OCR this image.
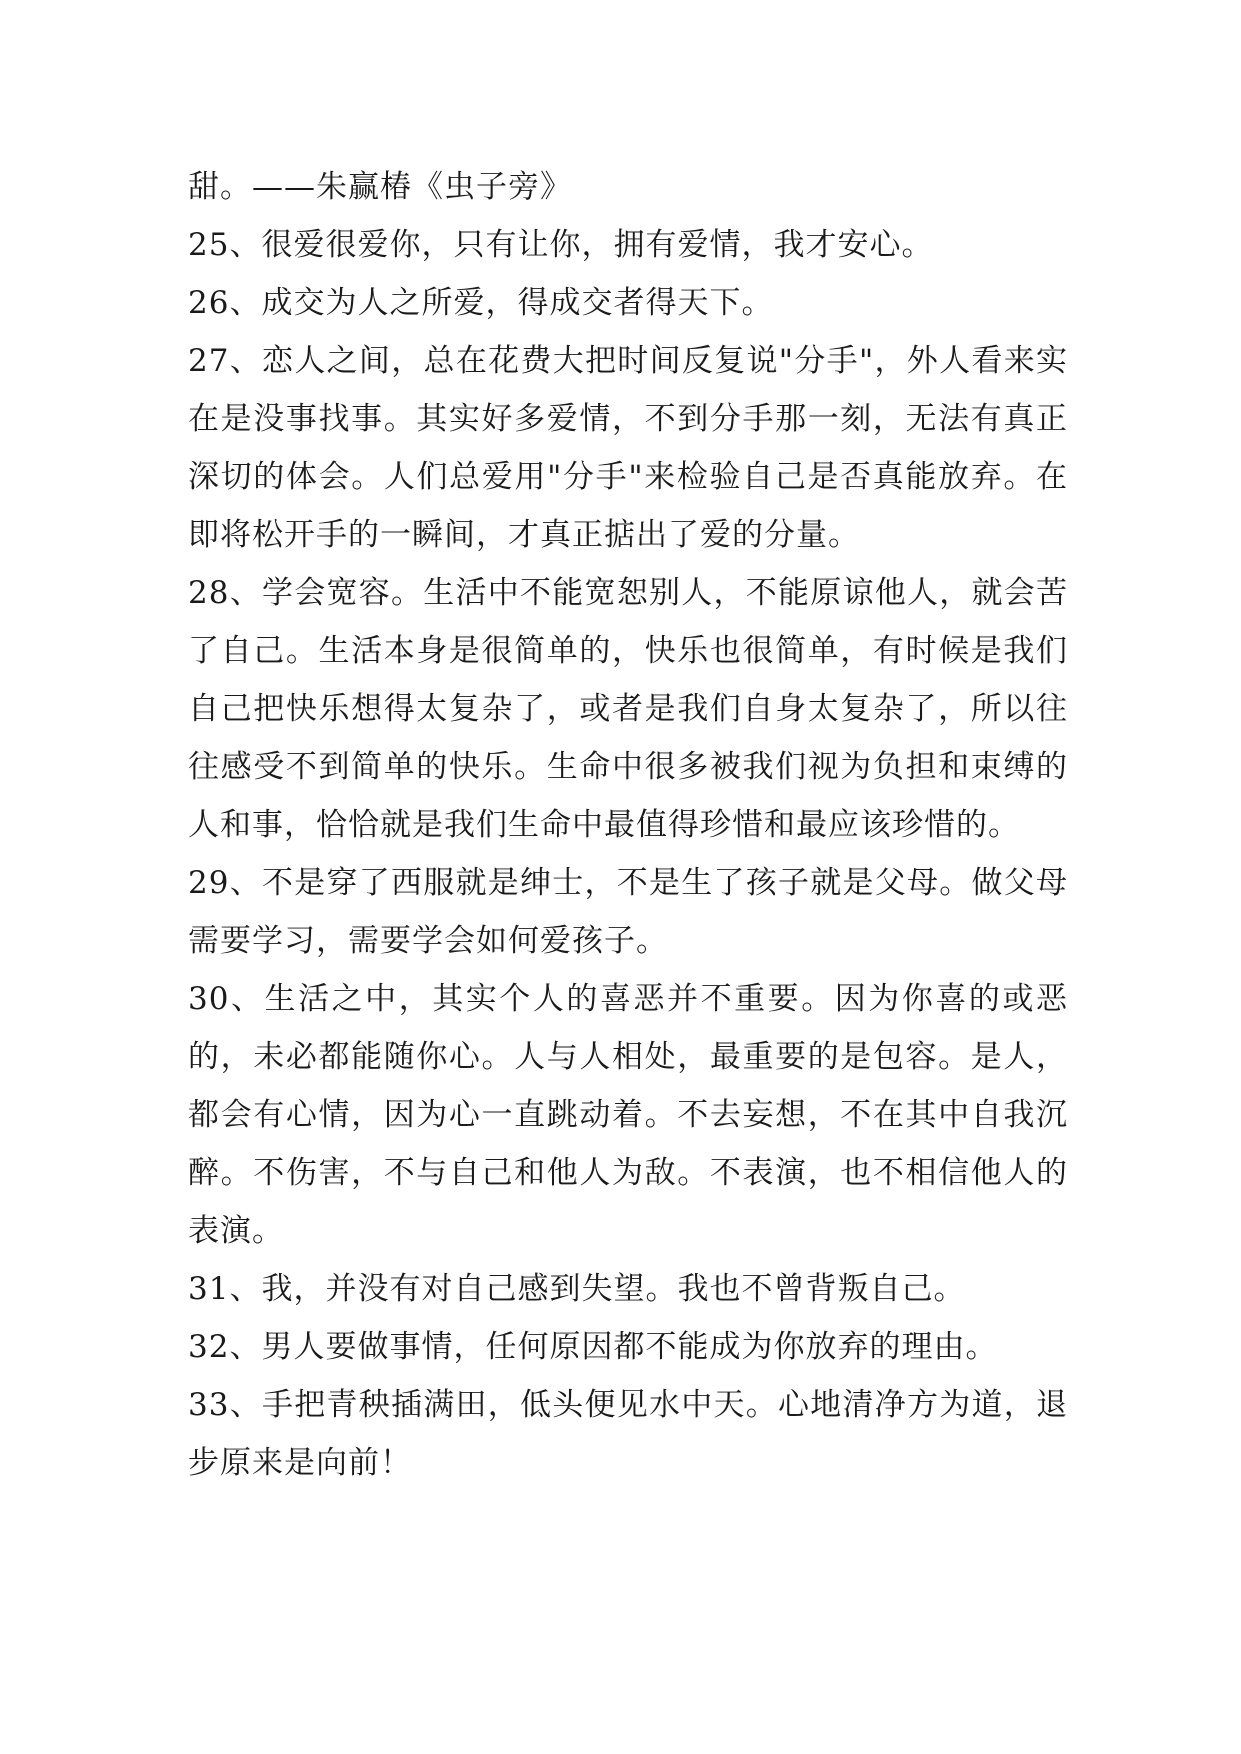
甜。——朱赢椿《虫子旁》

25、很爱很爱你，只有让你，拥有爱情，我才安心。

26、成交为人之所爱，得成交者得天下。

27、恋人之间，总在花费大把时间反复说"分手"，外人看来实在是没事找事。其实好多爱情，不到分手那一刻，无法有真正深切的体会。人们总爱用"分手"来检验自己是否真能放弃。在即将松开手的一瞬间，才真正掂出了爱的分量。

28、学会宽容。生活中不能宽恕别人，不能原谅他人，就会苦了自己。生活本身是很简单的，快乐也很简单，有时候是我们自己把快乐想得太复杂了，或者是我们自身太复杂了，所以往往感受不到简单的快乐。生命中很多被我们视为负担和束缚的人和事，恰恰就是我们生命中最值得珍惜和最应该珍惜的。

29、不是穿了西服就是绅士，不是生了孩子就是父母。做父母需要学习，需要学会如何爱孩子。

30、生活之中，其实个人的喜恶并不重要。因为你喜的或恶的，未必都能随你心。人与人相处，最重要的是包容。是人，都会有心情，因为心一直跳动着。不去妄想，不在其中自我沉醉。不伤害，不与自己和他人为敌。不表演，也不相信他人的表演。

31、我，并没有对自己感到失望。我也不曾背叛自己。

32、男人要做事情，任何原因都不能成为你放弃的理由。

33、手把青秧插满田，低头便见水中天。心地清净方为道，退步原来是向前！
